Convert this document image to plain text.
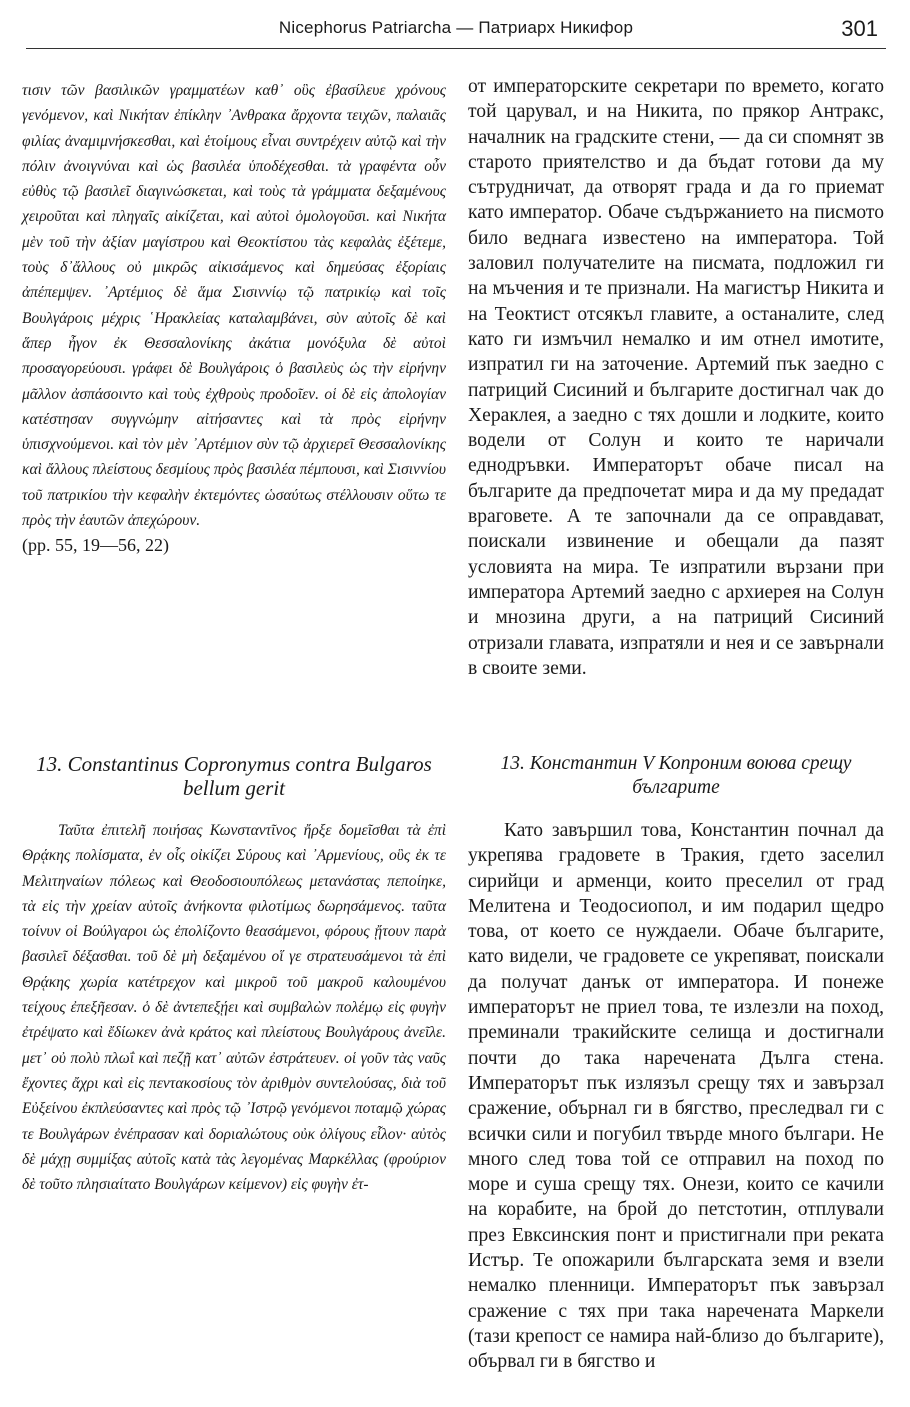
Nicephorus Patriarcha — Патриарх Никифор	301

τισιν τῶν βασιλικῶν γραμματέων καθ᾽ οὓς ἐβασίλευε χρόνους γενόμενον, καὶ Νικήταν ἐπίκλην ᾽Ανθρακα ἄρχοντα τειχῶν, παλαιᾶς φιλίας ἀναμιμνήσκεσθαι, καὶ ἑτοίμους εἶναι συντρέχειν αὐτῷ καὶ τὴν πόλιν ἀνοιγνύναι καὶ ὡς βασιλέα ὑποδέχεσθαι. τὰ γραφέντα οὖν εὐθὺς τῷ βασιλεῖ διαγινώσκεται, καὶ τοὺς τὰ γράμματα δεξαμένους χειροῦται καὶ πληγαῖς αἰκίζεται, καὶ αὐτοὶ ὁμολογοῦσι. καὶ Νικήτα μὲν τοῦ τὴν ἀξίαν μαγίστρου καὶ Θεοκτίστου τὰς κεφαλὰς ἐξέτεμε, τοὺς δ᾽ἄλλους οὐ μικρῶς αἰκισάμενος καὶ δημεύσας ἐξορίαις ἀπέπεμψεν. ᾽Αρτέμιος δὲ ἅμα Σισιννίῳ τῷ πατρικίῳ καὶ τοῖς Βουλγάροις μέχρις ῾Ηρακλείας καταλαμβάνει, σὺν αὐτοῖς δὲ καὶ ἅπερ ἦγον ἐκ Θεσσαλονίκης ἀκάτια μονόξυλα δὲ αὐτοὶ προσαγορεύουσι. γράφει δὲ Βουλγάροις ὁ βασιλεὺς ὡς τὴν εἰρήνην μᾶλλον ἀσπάσοιντο καὶ τοὺς ἐχθροὺς προδοῖεν. οἱ δὲ εἰς ἀπολογίαν κατέστησαν συγγνώμην αἰτήσαντες καὶ τὰ πρὸς εἰρήνην ὑπισχνούμενοι. καὶ τὸν μὲν ᾽Αρτέμιον σὺν τῷ ἀρχιερεῖ Θεσσαλονίκης καὶ ἄλλους πλείστους δεσμίους πρὸς βασιλέα πέμπουσι, καὶ Σισιννίου τοῦ πατρικίου τὴν κεφαλὴν ἐκτεμόντες ὡσαύτως στέλλουσιν οὕτω τε πρὸς τὴν ἑαυτῶν ἀπεχώρουν.

(pp. 55, 19—56, 22)

от императорските секретари по времето, когато той царувал, и на Никита, по прякор Антракс, началник на градските стени, — да си спомнят зв старото приятелство и да бъдат готови да му сътрудничат, да отворят града и да го приемат като император. Обаче съдържанието на писмото било веднага известено на императора. Той заловил получателите на писмата, подложил ги на мъчения и те признали. На магистър Никита и на Теоктист отсякъл главите, а останалите, след като ги измъчил немалко и им отнел имотите, изпратил ги на заточение. Артемий пък заедно с патриций Сисиний и българите достигнал чак до Хераклея, а заедно с тях дошли и лодките, които водели от Солун и които те наричали еднодръвки. Императорът обаче писал на българите да предпочетат мира и да му предадат враговете. А те започнали да се оправдават, поискали извинение и обещали да пазят условията на мира. Те изпратили вързани при императора Артемий заедно с архиерея на Солун и мнозина други, а на патриций Сисиний отризали главата, изпратяли и нея и се завърнали в своите земи.

13. Constantinus Copronymus contra Bulgaros bellum gerit

Ταῦτα ἐπιτελῆ ποιήσας Κωνσταντῖνος ἤρξε δομεῖσθαι τὰ ἐπὶ Θρᾴκης πολίσματα, ἐν οἷς οἰκίζει Σύρους καὶ ᾽Αρμενίους, οὓς ἐκ τε Μελιτηναίων πόλεως καὶ Θεοδοσιουπόλεως μετανάστας πεποίηκε, τὰ εἰς τὴν χρείαν αὐτοῖς ἀνήκοντα φιλοτίμως δωρησάμενος. ταῦτα τοίνυν οἱ Βούλγαροι ὡς ἐπολίζοντο θεασάμενοι, φόρους ᾔτουν παρὰ βασιλεῖ δέξασθαι. τοῦ δὲ μὴ δεξαμένου οἵ γε στρατευσάμενοι τὰ ἐπὶ Θρᾴκης χωρία κατέτρεχον καὶ μικροῦ τοῦ μακροῦ καλουμένου τείχους ἐπεξῆεσαν. ὁ δὲ ἀντεπεξῄει καὶ συμβαλὼν πολέμῳ εἰς φυγὴν ἐτρέψατο καὶ ἔδίωκεν ἀνὰ κράτος καὶ πλείστους Βουλγάρους ἀνεῖλε. μετ᾽ οὐ πολὺ πλωΐ καὶ πεζῇ κατ᾽ αὐτῶν ἐστράτευεν. οἱ γοῦν τὰς ναῦς ἔχοντες ἄχρι καὶ εἰς πεντακοσίους τὸν ἀριθμὸν συντελούσας, διὰ τοῦ Εὐξείνου ἐκπλεύσαντες καὶ πρὸς τῷ ᾽Ιστρῷ γενόμενοι ποταμῷ χώρας τε Βουλγάρων ἐνέπρασαν καὶ δοριαλώτους οὐκ ὀλίγους εἷλον· αὐτὸς δὲ μάχῃ συμμίξας αὐτοῖς κατὰ τὰς λεγομένας Μαρκέλλας (φρούριον δὲ τοῦτο πλησιαίτατο Βουλγάρων κείμενον) εἰς φυγὴν ἐτ-

13. Константин V Копроним воюва срещу българите

Като завършил това, Константин почнал да укрепява градовете в Тракия, гдето заселил сирийци и арменци, които преселил от град Мелитена и Теодосиопол, и им подарил щедро това, от което се нуждаели. Обаче българите, като видели, че градовете се укрепяват, поискали да получат данък от императора. И понеже императорът не приел това, те излезли на поход, преминали тракийските селища и достигнали почти до така наречената Дълга стена. Императорът пък излязъл срещу тях и завързал сражение, обърнал ги в бягство, преследвал ги с всички сили и погубил твърде много българи. Не много след това той се отправил на поход по море и суша срещу тях. Онези, които се качили на корабите, на брой до петстотин, отплували през Евксинския понт и пристигнали при реката Истър. Те опожарили българската земя и взели немалко пленници. Императорът пък завързал сражение с тях при така наречената Маркели (тази крепост се намира най-близо до българите), обървал ги в бягство и
